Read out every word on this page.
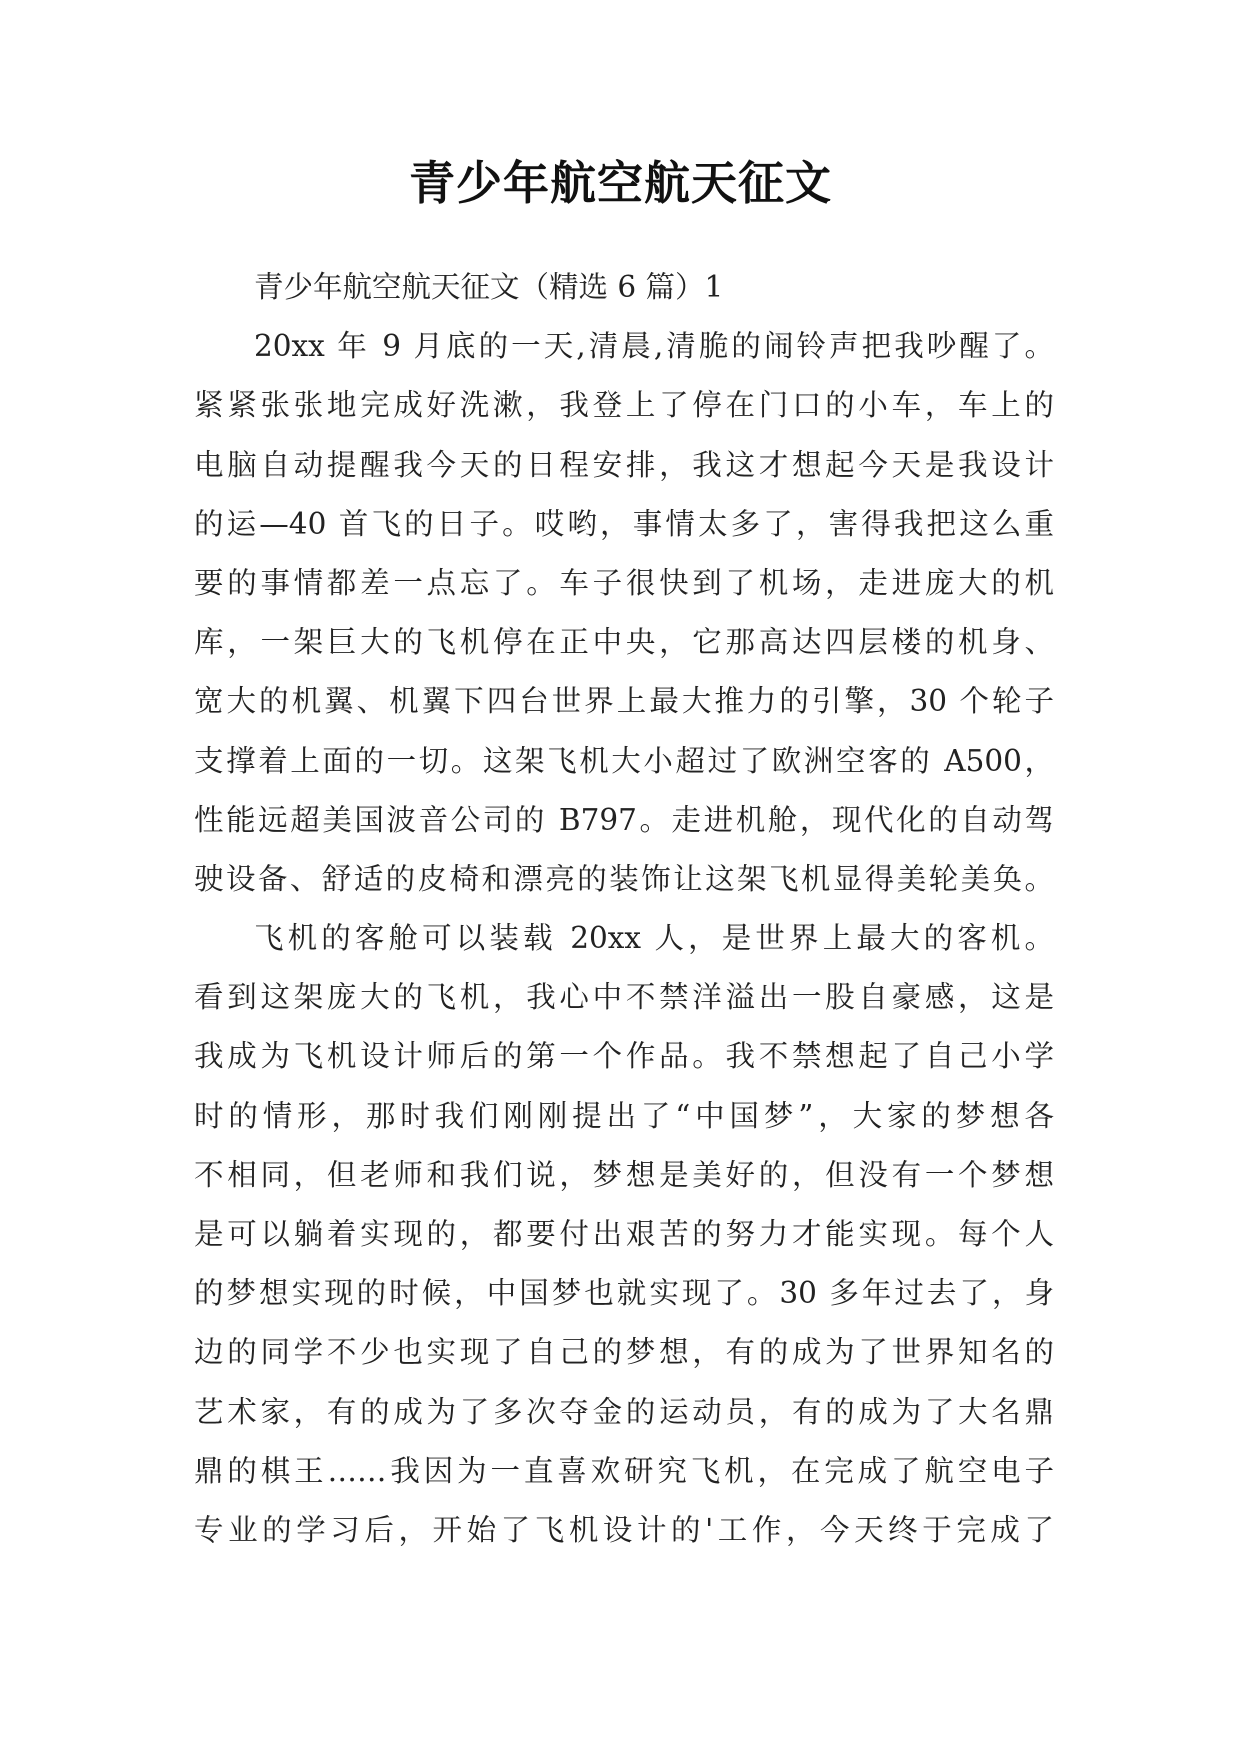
青少年航空航天征文
青少年航空航天征文（精选 6 篇）1
20xx 年 9 月底的一天,清晨,清脆的闹铃声把我吵醒了。
紧紧张张地完成好洗漱，我登上了停在门口的小车，车上的
电脑自动提醒我今天的日程安排，我这才想起今天是我设计
的运—40 首飞的日子。哎哟，事情太多了，害得我把这么重
要的事情都差一点忘了。车子很快到了机场，走进庞大的机
库，一架巨大的飞机停在正中央，它那高达四层楼的机身、
宽大的机翼、机翼下四台世界上最大推力的引擎，30 个轮子
支撑着上面的一切。这架飞机大小超过了欧洲空客的 A500，
性能远超美国波音公司的 B797。走进机舱，现代化的自动驾
驶设备、舒适的皮椅和漂亮的装饰让这架飞机显得美轮美奂。
飞机的客舱可以装载 20xx 人，是世界上最大的客机。
看到这架庞大的飞机，我心中不禁洋溢出一股自豪感，这是
我成为飞机设计师后的第一个作品。我不禁想起了自己小学
时的情形，那时我们刚刚提出了“中国梦”，大家的梦想各
不相同，但老师和我们说，梦想是美好的，但没有一个梦想
是可以躺着实现的，都要付出艰苦的努力才能实现。每个人
的梦想实现的时候，中国梦也就实现了。30 多年过去了，身
边的同学不少也实现了自己的梦想，有的成为了世界知名的
艺术家，有的成为了多次夺金的运动员，有的成为了大名鼎
鼎的棋王……我因为一直喜欢研究飞机，在完成了航空电子
专业的学习后，开始了飞机设计的'工作，今天终于完成了
